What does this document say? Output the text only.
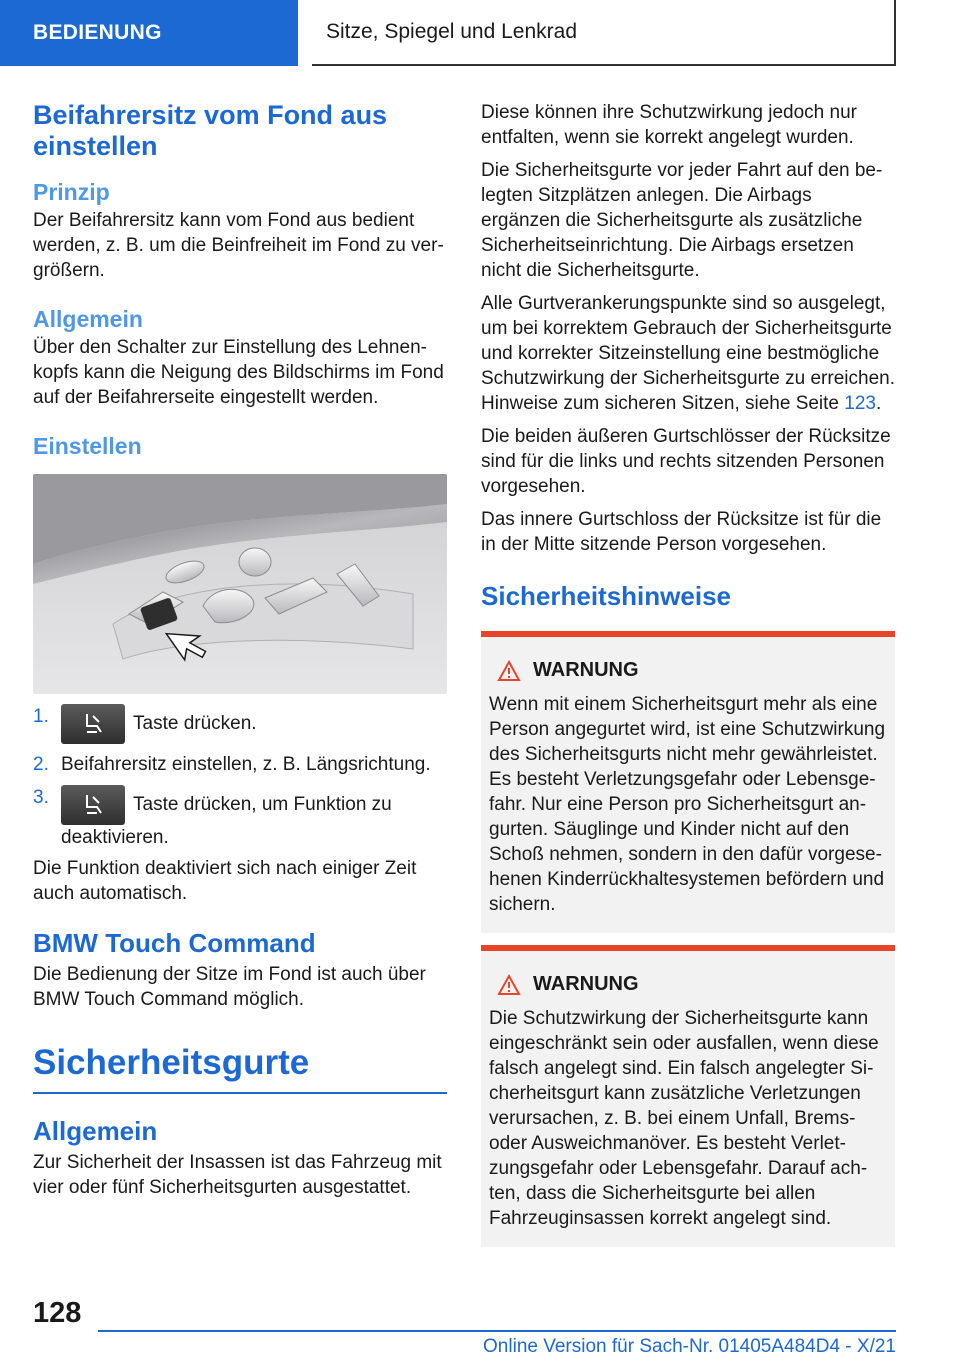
BEDIENUNG	Sitze, Spiegel und Lenkrad
Beifahrersitz vom Fond aus einstellen
Prinzip
Der Beifahrersitz kann vom Fond aus bedient werden, z. B. um die Beinfreiheit im Fond zu vergrößern.
Allgemein
Über den Schalter zur Einstellung des Lehnenkopfs kann die Neigung des Bildschirms im Fond auf der Beifahrerseite eingestellt werden.
Einstellen
1.	Taste drücken.
2. Beifahrersitz einstellen, z. B. Längsrichtung.
3.	Taste drücken, um Funktion zu deaktivieren.
Die Funktion deaktiviert sich nach einiger Zeit auch automatisch.
BMW Touch Command
Die Bedienung der Sitze im Fond ist auch über BMW Touch Command möglich.
Sicherheitsgurte
Allgemein
Zur Sicherheit der Insassen ist das Fahrzeug mit vier oder fünf Sicherheitsgurten ausgestattet.
Diese können ihre Schutzwirkung jedoch nur entfalten, wenn sie korrekt angelegt wurden.
Die Sicherheitsgurte vor jeder Fahrt auf den belegten Sitzplätzen anlegen. Die Airbags ergänzen die Sicherheitsgurte als zusätzliche Sicherheitseinrichtung. Die Airbags ersetzen nicht die Sicherheitsgurte.
Alle Gurtverankerungspunkte sind so ausgelegt, um bei korrektem Gebrauch der Sicherheitsgurte und korrekter Sitzeinstellung eine bestmögliche Schutzwirkung der Sicherheitsgurte zu erreichen. Hinweise zum sicheren Sitzen, siehe Seite 123.
Die beiden äußeren Gurtschlösser der Rücksitze sind für die links und rechts sitzenden Personen vorgesehen.
Das innere Gurtschloss der Rücksitze ist für die in der Mitte sitzende Person vorgesehen.
Sicherheitshinweise
WARNUNG
Wenn mit einem Sicherheitsgurt mehr als eine Person angegurtet wird, ist eine Schutzwirkung des Sicherheitsgurts nicht mehr gewährleistet. Es besteht Verletzungsgefahr oder Lebensgefahr. Nur eine Person pro Sicherheitsgurt angurten. Säuglinge und Kinder nicht auf den Schoß nehmen, sondern in den dafür vorgesehenen Kinderrückhaltesystemen befördern und sichern.
WARNUNG
Die Schutzwirkung der Sicherheitsgurte kann eingeschränkt sein oder ausfallen, wenn diese falsch angelegt sind. Ein falsch angelegter Sicherheitsgurt kann zusätzliche Verletzungen verursachen, z. B. bei einem Unfall, Brems- oder Ausweichmanöver. Es besteht Verletzungsgefahr oder Lebensgefahr. Darauf achten, dass die Sicherheitsgurte bei allen Fahrzeuginsassen korrekt angelegt sind.
128
Online Version für Sach-Nr. 01405A484D4 - X/21
